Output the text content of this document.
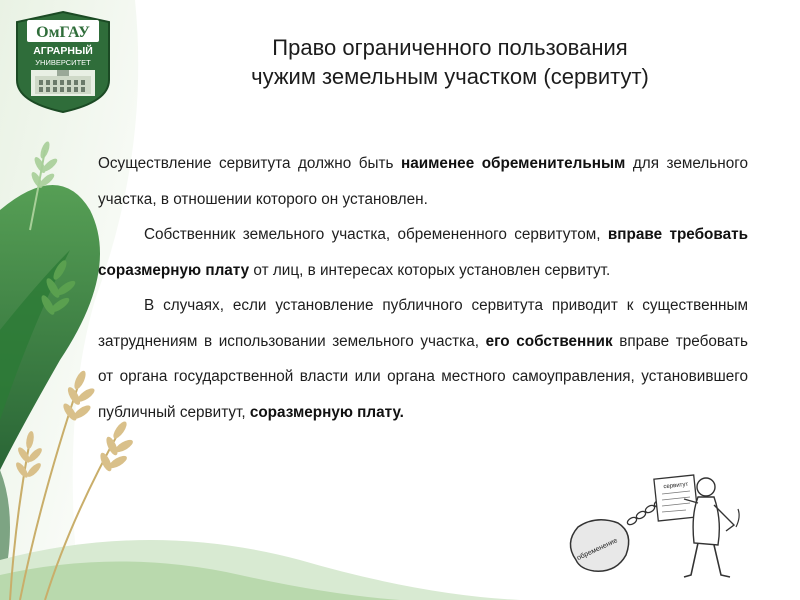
ОмГАУ
АГРАРНЫЙ
УНИВЕРСИТЕТ
Право ограниченного пользования
чужим земельным участком (сервитут)

Осуществление сервитута должно быть наименее обременительным для земельного участка, в отношении которого он установлен.

Собственник земельного участка, обремененного сервитутом, вправе требовать соразмерную плату от лиц, в интересах которых установлен сервитут.

В случаях, если установление публичного сервитута приводит к существенным затруднениям в использовании земельного участка, его собственник вправе требовать от органа государственной власти или органа местного самоуправления, установившего публичный сервитут, соразмерную плату.

обременение
сервитут
